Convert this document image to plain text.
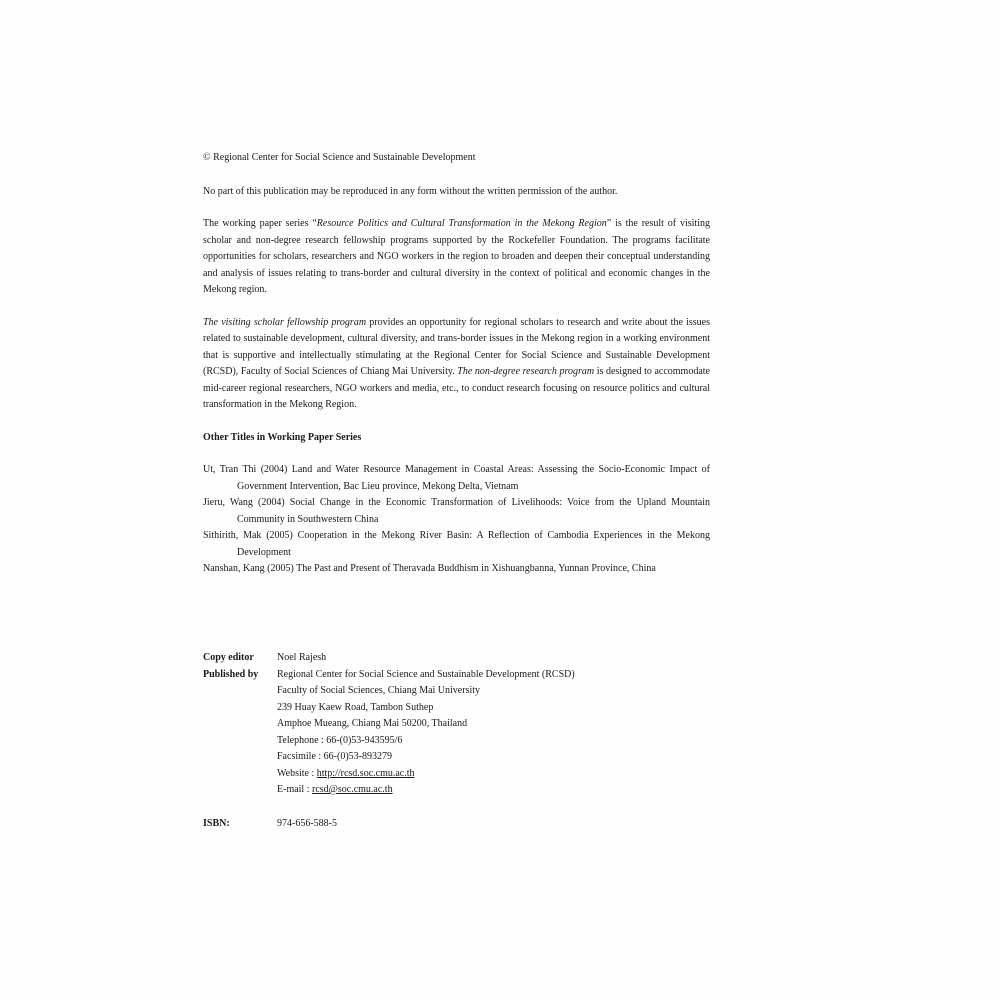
© Regional Center for Social Science and Sustainable Development

No part of this publication may be reproduced in any form without the written permission of the author.

The working paper series “Resource Politics and Cultural Transformation in the Mekong Region” is the result of visiting scholar and non-degree research fellowship programs supported by the Rockefeller Foundation. The programs facilitate opportunities for scholars, researchers and NGO workers in the region to broaden and deepen their conceptual understanding and analysis of issues relating to trans-border and cultural diversity in the context of political and economic changes in the Mekong region.

The visiting scholar fellowship program provides an opportunity for regional scholars to research and write about the issues related to sustainable development, cultural diversity, and trans-border issues in the Mekong region in a working environment that is supportive and intellectually stimulating at the Regional Center for Social Science and Sustainable Development (RCSD), Faculty of Social Sciences of Chiang Mai University. The non-degree research program is designed to accommodate mid-career regional researchers, NGO workers and media, etc., to conduct research focusing on resource politics and cultural transformation in the Mekong Region.

Other Titles in Working Paper Series

Ut, Tran Thi (2004) Land and Water Resource Management in Coastal Areas: Assessing the Socio-Economic Impact of Government Intervention, Bac Lieu province, Mekong Delta, Vietnam

Jieru, Wang (2004) Social Change in the Economic Transformation of Livelihoods: Voice from the Upland Mountain Community in Southwestern China

Sithirith, Mak (2005) Cooperation in the Mekong River Basin: A Reflection of Cambodia Experiences in the Mekong Development

Nanshan, Kang (2005) The Past and Present of Theravada Buddhism in Xishuangbanna, Yunnan Province, China

Copy editor	Noel Rajesh
Published by	Regional Center for Social Science and Sustainable Development (RCSD)
Faculty of Social Sciences, Chiang Mai University
239 Huay Kaew Road, Tambon Suthep
Amphoe Mueang, Chiang Mai 50200, Thailand
Telephone : 66-(0)53-943595/6
Facsimile : 66-(0)53-893279
Website : http://rcsd.soc.cmu.ac.th
E-mail : rcsd@soc.cmu.ac.th
ISBN:	974-656-588-5
